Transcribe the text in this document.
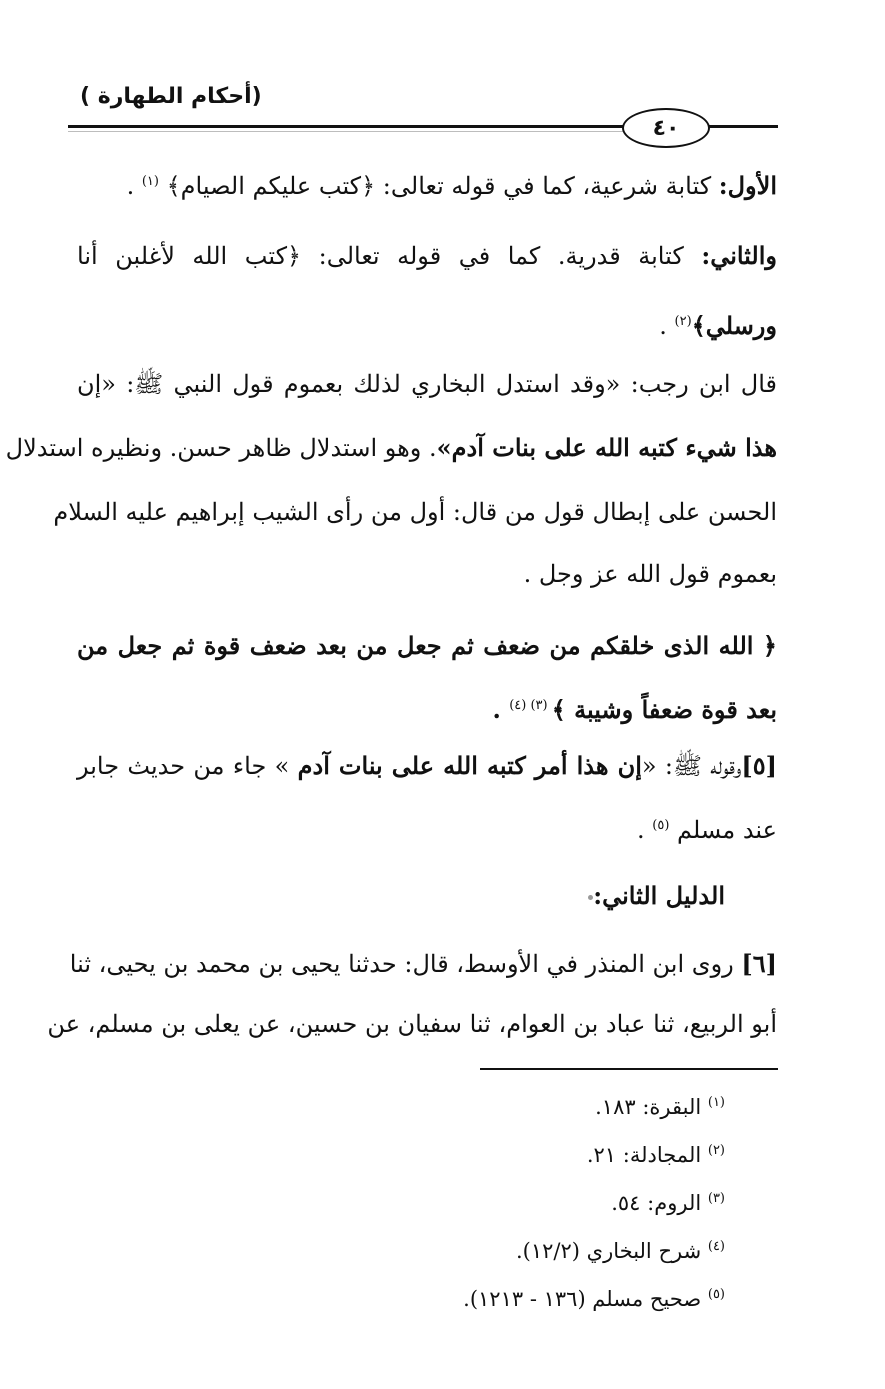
(أحكام الطهارة )
٤٠
الأول: كتابة شرعية، كما في قوله تعالى: ﴿كتب عليكم الصيام﴾ $^{(١)}$ .
والثاني: كتابة قدرية. كما في قوله تعالى: ﴿كتب الله لأغلبن أنا
ورسلي﴾$^{(٢)}$ .
قال ابن رجب: «وقد استدل البخاري لذلك بعموم قول النبي ﷺ: «إن
هذا شيء كتبه الله على بنات آدم». وهو استدلال ظاهر حسن. ونظيره استدلال
الحسن على إبطال قول من قال: أول من رأى الشيب إبراهيم عليه السلام
بعموم قول الله عز وجل .
﴿ الله الذى خلقكم من ضعف ثم جعل من بعد ضعف قوة ثم جعل من
بعد قوة ضعفاً وشيبة ﴾ $^{(٣) (٤)}$ .
[٥]وقوله ﷺ: «إن هذا أمر كتبه الله على بنات آدم » جاء من حديث جابر
عند مسلم $^{(٥)}$ .
الدليل الثاني:
[٦] روى ابن المنذر في الأوسط، قال: حدثنا يحيى بن محمد بن يحيى، ثنا
أبو الربيع، ثنا عباد بن العوام، ثنا سفيان بن حسين، عن يعلى بن مسلم، عن
$^{(١)}$ البقرة: ١٨٣.
$^{(٢)}$ المجادلة: ٢١.
$^{(٣)}$ الروم: ٥٤.
$^{(٤)}$ شرح البخاري (١٢/٢).
$^{(٥)}$ صحيح مسلم (١٣٦ - ١٢١٣).
